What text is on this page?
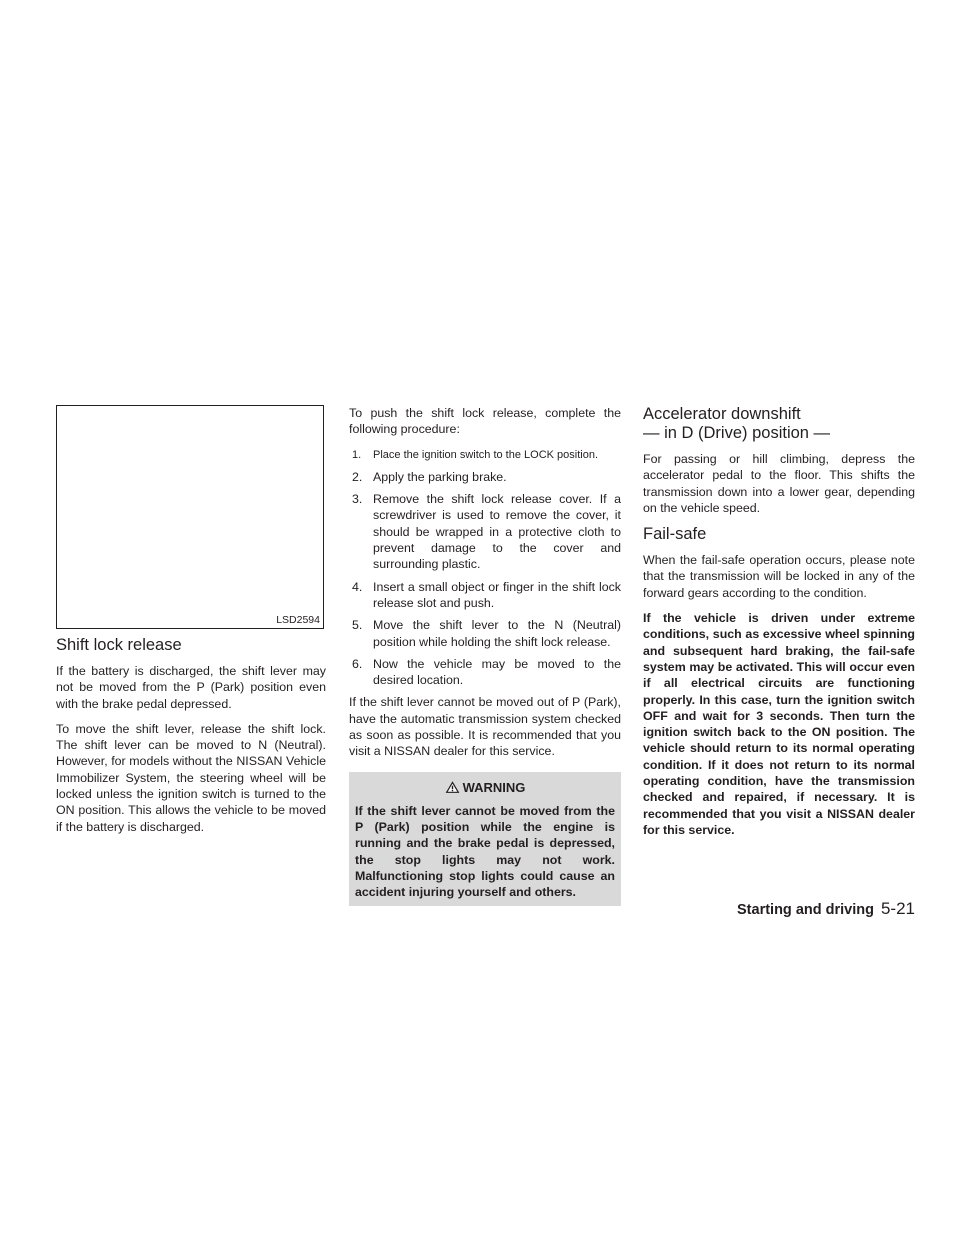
LSD2594
Shift lock release

If the battery is discharged, the shift lever may not be moved from the P (Park) position even with the brake pedal depressed.

To move the shift lever, release the shift lock. The shift lever can be moved to N (Neutral). However, for models without the NISSAN Vehicle Immobilizer System, the steering wheel will be locked unless the ignition switch is turned to the ON position. This allows the vehicle to be moved if the battery is discharged.

To push the shift lock release, complete the following procedure:

1. Place the ignition switch to the LOCK position.
2. Apply the parking brake.
3. Remove the shift lock release cover. If a screwdriver is used to remove the cover, it should be wrapped in a protective cloth to prevent damage to the cover and surrounding plastic.
4. Insert a small object or finger in the shift lock release slot and push.
5. Move the shift lever to the N (Neutral) position while holding the shift lock release.
6. Now the vehicle may be moved to the desired location.

If the shift lever cannot be moved out of P (Park), have the automatic transmission system checked as soon as possible. It is recommended that you visit a NISSAN dealer for this service.

WARNING

If the shift lever cannot be moved from the P (Park) position while the engine is running and the brake pedal is depressed, the stop lights may not work. Malfunctioning stop lights could cause an accident injuring yourself and others.

Accelerator downshift
— in D (Drive) position —

For passing or hill climbing, depress the accelerator pedal to the floor. This shifts the transmission down into a lower gear, depending on the vehicle speed.

Fail-safe

When the fail-safe operation occurs, please note that the transmission will be locked in any of the forward gears according to the condition.

If the vehicle is driven under extreme conditions, such as excessive wheel spinning and subsequent hard braking, the fail-safe system may be activated. This will occur even if all electrical circuits are functioning properly. In this case, turn the ignition switch OFF and wait for 3 seconds. Then turn the ignition switch back to the ON position. The vehicle should return to its normal operating condition. If it does not return to its normal operating condition, have the transmission checked and repaired, if necessary. It is recommended that you visit a NISSAN dealer for this service.

Starting and driving 5-21
